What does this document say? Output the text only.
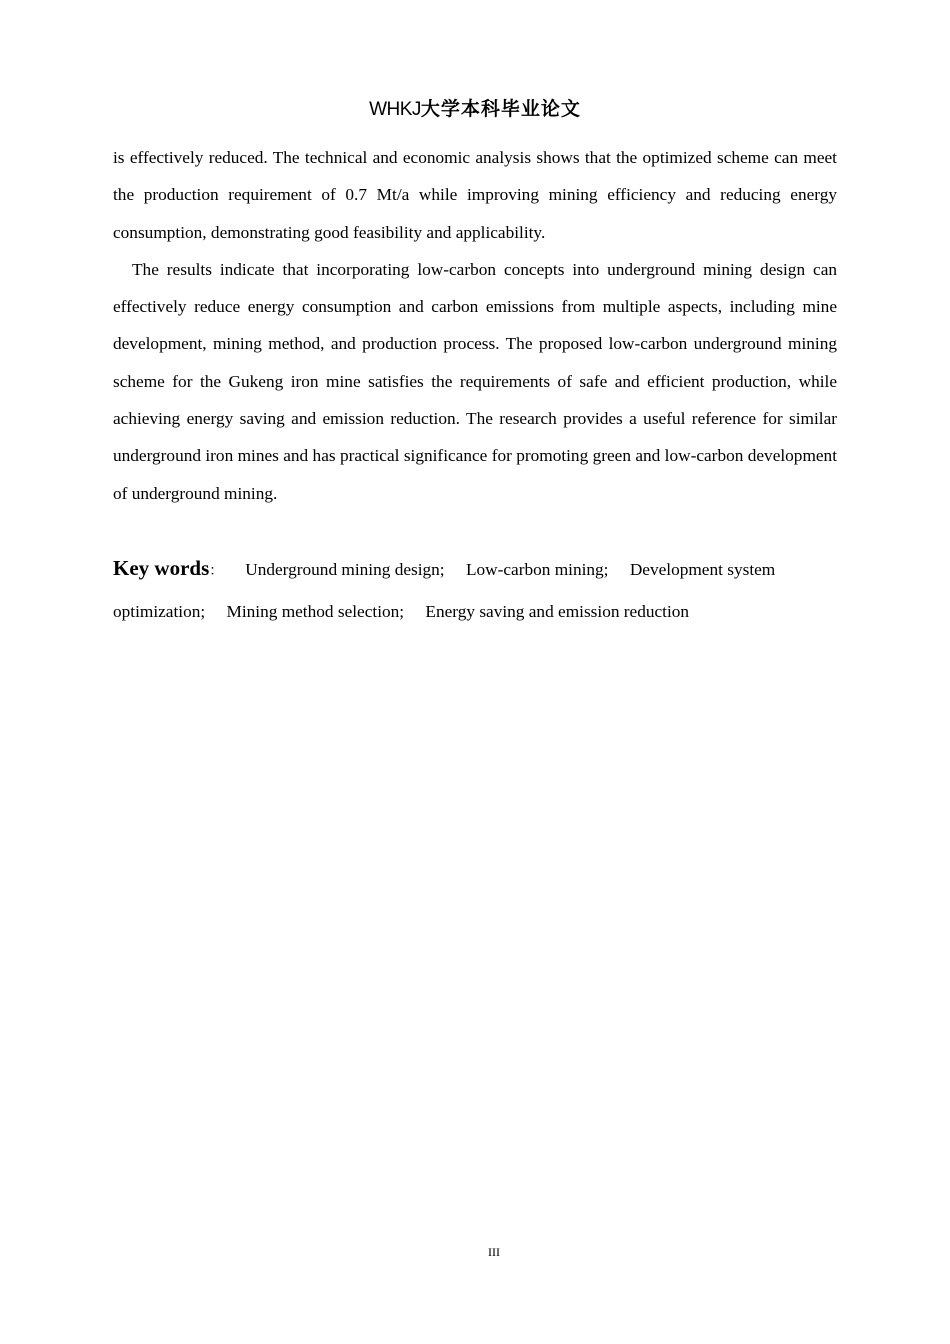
WHKJ大学本科毕业论文

is effectively reduced. The technical and economic analysis shows that the optimized scheme can meet the production requirement of 0.7 Mt/a while improving mining efficiency and reducing energy consumption, demonstrating good feasibility and applicability.

The results indicate that incorporating low-carbon concepts into underground mining design can effectively reduce energy consumption and carbon emissions from multiple aspects, including mine development, mining method, and production process. The proposed low-carbon underground mining scheme for the Gukeng iron mine satisfies the requirements of safe and efficient production, while achieving energy saving and emission reduction. The research provides a useful reference for similar underground iron mines and has practical significance for promoting green and low-carbon development of underground mining.

Key words： Underground mining design; Low-carbon mining; Development system optimization; Mining method selection; Energy saving and emission reduction
III
